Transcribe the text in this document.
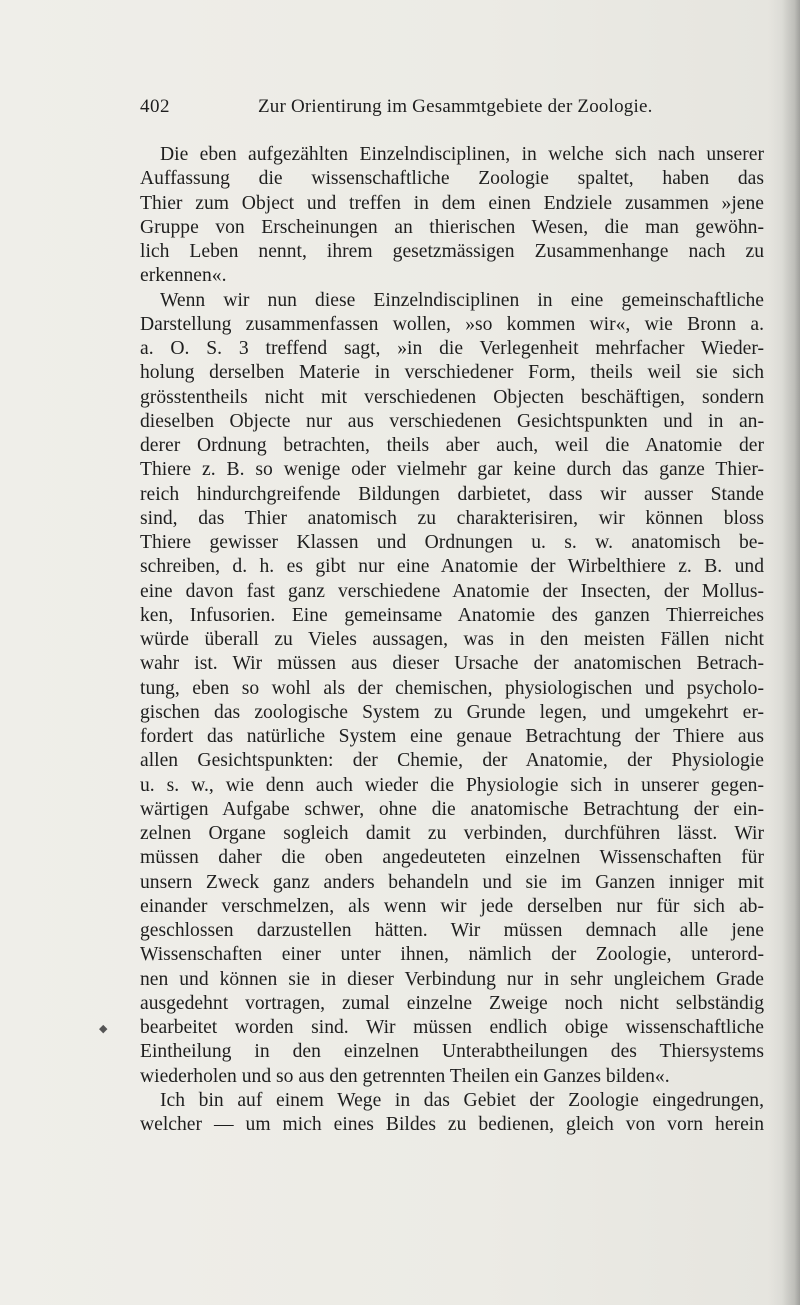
402	Zur Orientirung im Gesammtgebiete der Zoologie.
Die eben aufgezählten Einzelndisciplinen, in welche sich nach unserer
Auffassung die wissenschaftliche Zoologie spaltet, haben das
Thier zum Object und treffen in dem einen Endziele zusammen »jene
Gruppe von Erscheinungen an thierischen Wesen, die man gewöhn-
lich Leben nennt, ihrem gesetzmässigen Zusammenhange nach zu
erkennen«.
Wenn wir nun diese Einzelndisciplinen in eine gemeinschaftliche
Darstellung zusammenfassen wollen, »so kommen wir«, wie Bronn a.
a. O. S. 3 treffend sagt, »in die Verlegenheit mehrfacher Wieder-
holung derselben Materie in verschiedener Form, theils weil sie sich
grösstentheils nicht mit verschiedenen Objecten beschäftigen, sondern
dieselben Objecte nur aus verschiedenen Gesichtspunkten und in an-
derer Ordnung betrachten, theils aber auch, weil die Anatomie der
Thiere z. B. so wenige oder vielmehr gar keine durch das ganze Thier-
reich hindurchgreifende Bildungen darbietet, dass wir ausser Stande
sind, das Thier anatomisch zu charakterisiren, wir können bloss
Thiere gewisser Klassen und Ordnungen u. s. w. anatomisch be-
schreiben, d. h. es gibt nur eine Anatomie der Wirbelthiere z. B. und
eine davon fast ganz verschiedene Anatomie der Insecten, der Mollus-
ken, Infusorien. Eine gemeinsame Anatomie des ganzen Thierreiches
würde überall zu Vieles aussagen, was in den meisten Fällen nicht
wahr ist. Wir müssen aus dieser Ursache der anatomischen Betrach-
tung, eben so wohl als der chemischen, physiologischen und psycholo-
gischen das zoologische System zu Grunde legen, und umgekehrt er-
fordert das natürliche System eine genaue Betrachtung der Thiere aus
allen Gesichtspunkten: der Chemie, der Anatomie, der Physiologie
u. s. w., wie denn auch wieder die Physiologie sich in unserer gegen-
wärtigen Aufgabe schwer, ohne die anatomische Betrachtung der ein-
zelnen Organe sogleich damit zu verbinden, durchführen lässt. Wir
müssen daher die oben angedeuteten einzelnen Wissenschaften für
unsern Zweck ganz anders behandeln und sie im Ganzen inniger mit
einander verschmelzen, als wenn wir jede derselben nur für sich ab-
geschlossen darzustellen hätten. Wir müssen demnach alle jene
Wissenschaften einer unter ihnen, nämlich der Zoologie, unterord-
nen und können sie in dieser Verbindung nur in sehr ungleichem Grade
ausgedehnt vortragen, zumal einzelne Zweige noch nicht selbständig
bearbeitet worden sind. Wir müssen endlich obige wissenschaftliche
Eintheilung in den einzelnen Unterabtheilungen des Thiersystems
wiederholen und so aus den getrennten Theilen ein Ganzes bilden«.
Ich bin auf einem Wege in das Gebiet der Zoologie eingedrungen,
welcher — um mich eines Bildes zu bedienen, gleich von vorn herein
◆
